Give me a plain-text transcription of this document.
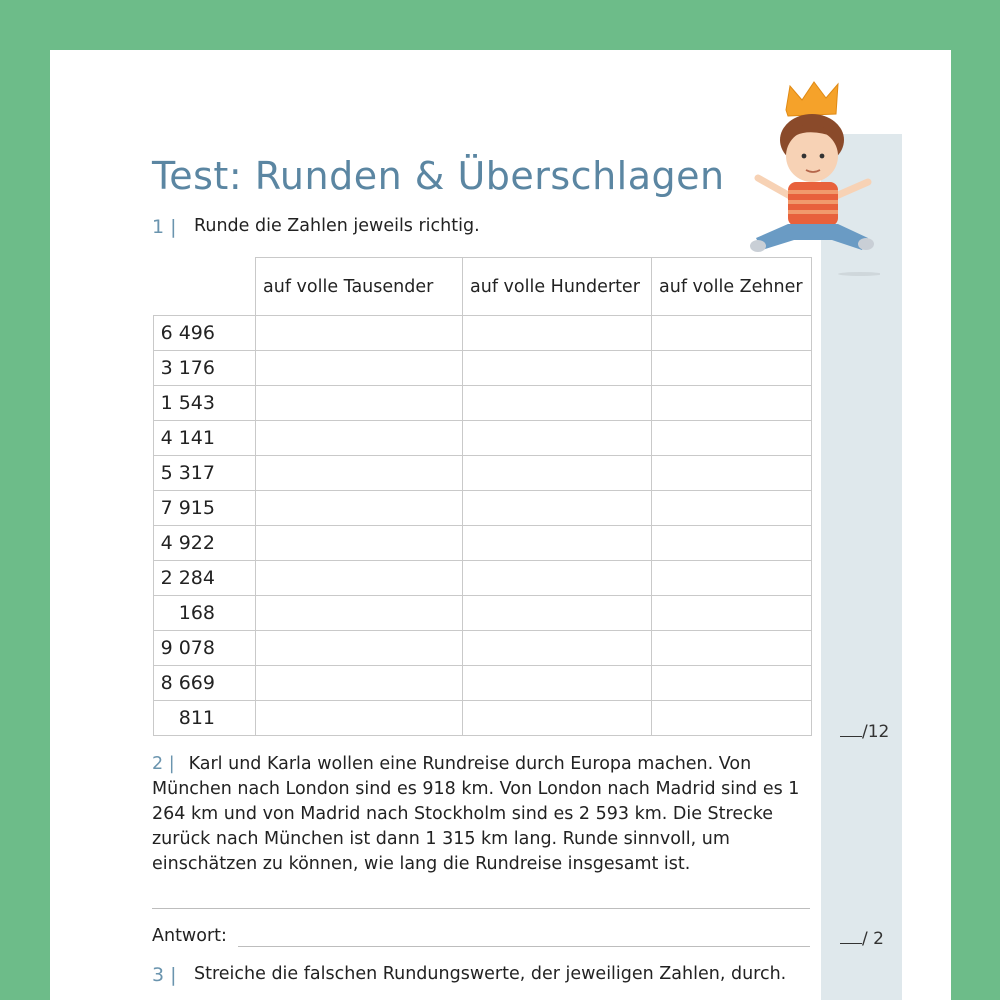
Test: Runden & Überschlagen
1 | Runde die Zahlen jeweils richtig.
	auf volle Tausender	auf volle Hunderter	auf volle Zehner
6 496			
3 176			
1 543			
4 141			
5 317			
7 915			
4 922			
2 284			
168			
9 078			
8 669			
811			
/12
2 | Karl und Karla wollen eine Rundreise durch Europa machen. Von München nach London sind es 918 km. Von London nach Madrid sind es 1 264 km und von Madrid nach Stockholm sind es 2 593 km. Die Strecke zurück nach München ist dann 1 315 km lang. Runde sinnvoll, um einschätzen zu können, wie lang die Rundreise insgesamt ist.
Antwort:	/ 2
3 | Streiche die falschen Rundungswerte, der jeweiligen Zahlen, durch.
